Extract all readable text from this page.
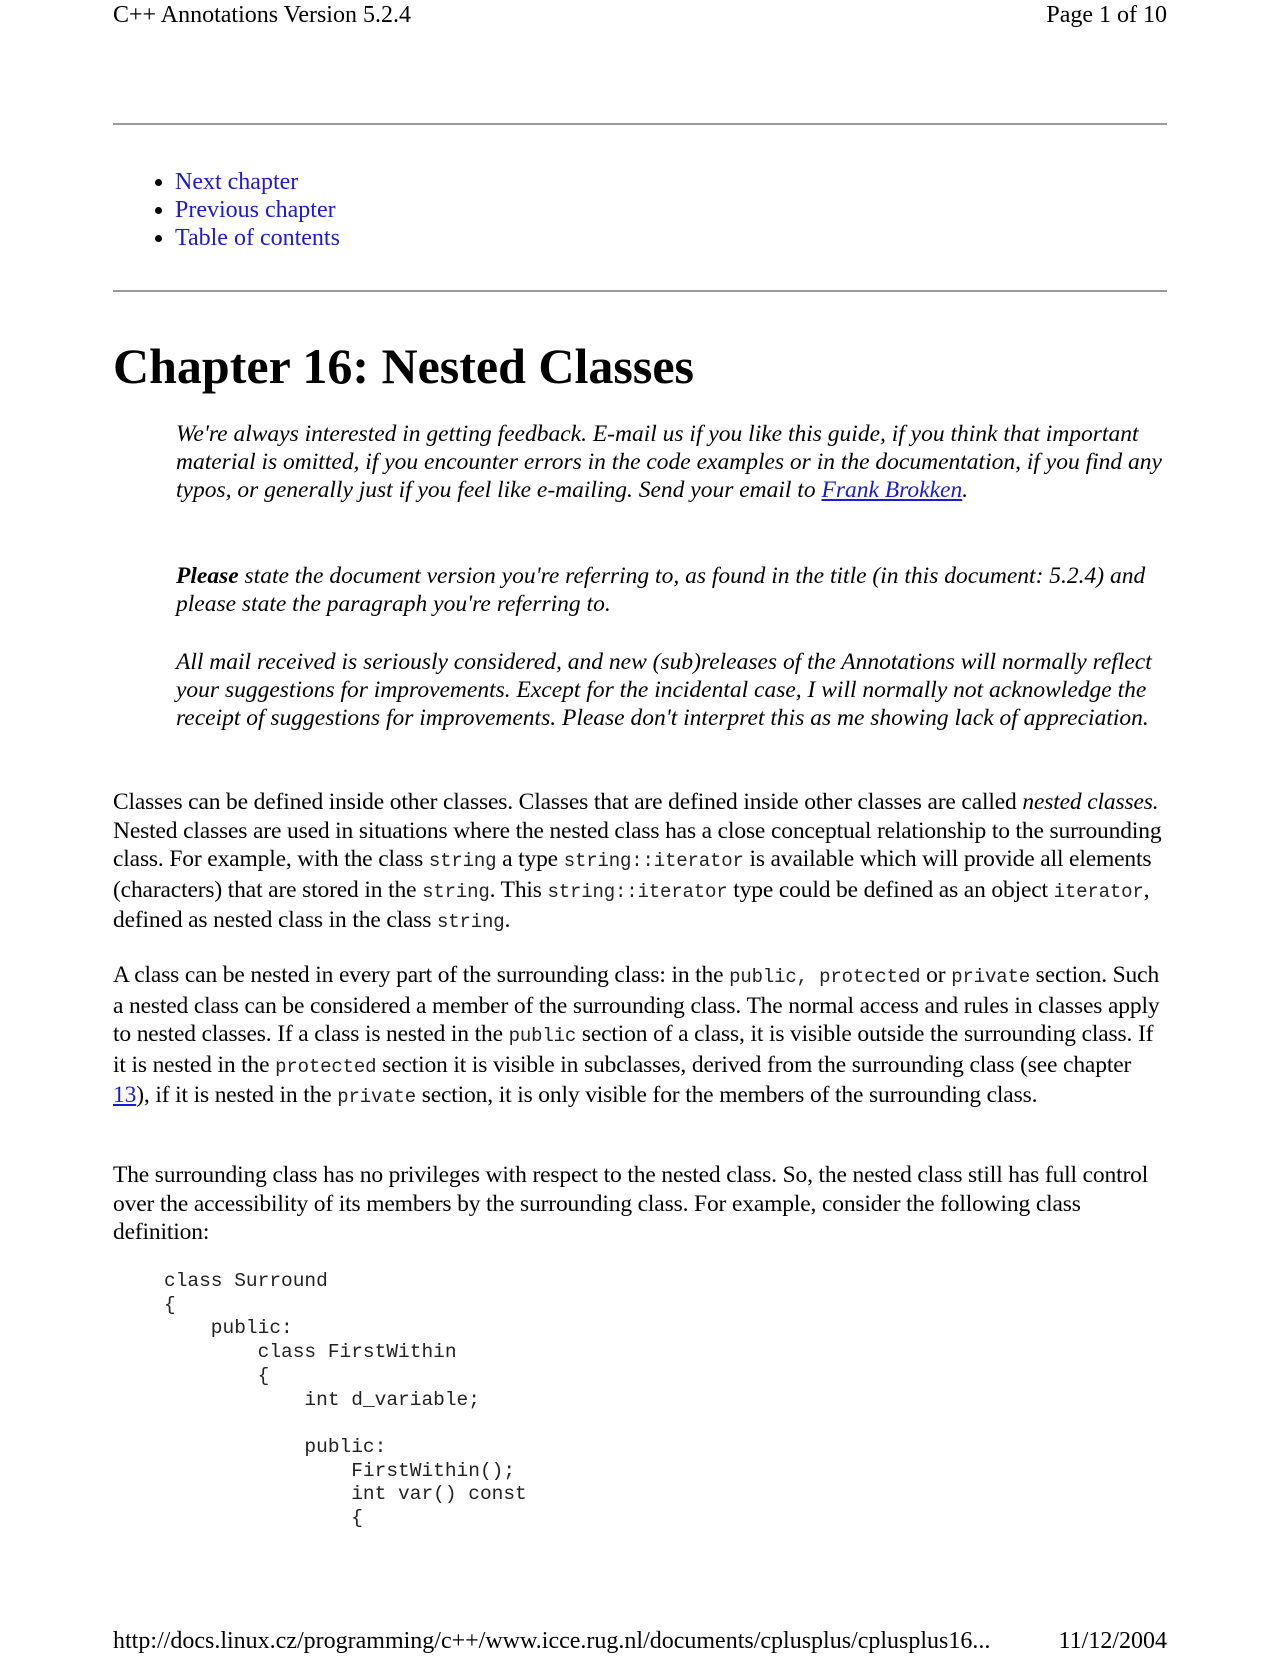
C++ Annotations Version 5.2.4	Page 1 of 10
• Next chapter
• Previous chapter
• Table of contents
Chapter 16: Nested Classes

We're always interested in getting feedback. E-mail us if you like this guide, if you think that important material is omitted, if you encounter errors in the code examples or in the documentation, if you find any typos, or generally just if you feel like e-mailing. Send your email to Frank Brokken.

Please state the document version you're referring to, as found in the title (in this document: 5.2.4) and please state the paragraph you're referring to.

All mail received is seriously considered, and new (sub)releases of the Annotations will normally reflect your suggestions for improvements. Except for the incidental case, I will normally not acknowledge the receipt of suggestions for improvements. Please don't interpret this as me showing lack of appreciation.

Classes can be defined inside other classes. Classes that are defined inside other classes are called nested classes. Nested classes are used in situations where the nested class has a close conceptual relationship to the surrounding class. For example, with the class string a type string::iterator is available which will provide all elements (characters) that are stored in the string. This string::iterator type could be defined as an object iterator, defined as nested class in the class string.

A class can be nested in every part of the surrounding class: in the public, protected or private section. Such a nested class can be considered a member of the surrounding class. The normal access and rules in classes apply to nested classes. If a class is nested in the public section of a class, it is visible outside the surrounding class. If it is nested in the protected section it is visible in subclasses, derived from the surrounding class (see chapter 13), if it is nested in the private section, it is only visible for the members of the surrounding class.

The surrounding class has no privileges with respect to the nested class. So, the nested class still has full control over the accessibility of its members by the surrounding class. For example, consider the following class definition:

class Surround
{
public:
class FirstWithin
{
int d_variable;

public:
FirstWithin();
int var() const
{
http://docs.linux.cz/programming/c++/www.icce.rug.nl/documents/cplusplus/cplusplus16...	11/12/2004
